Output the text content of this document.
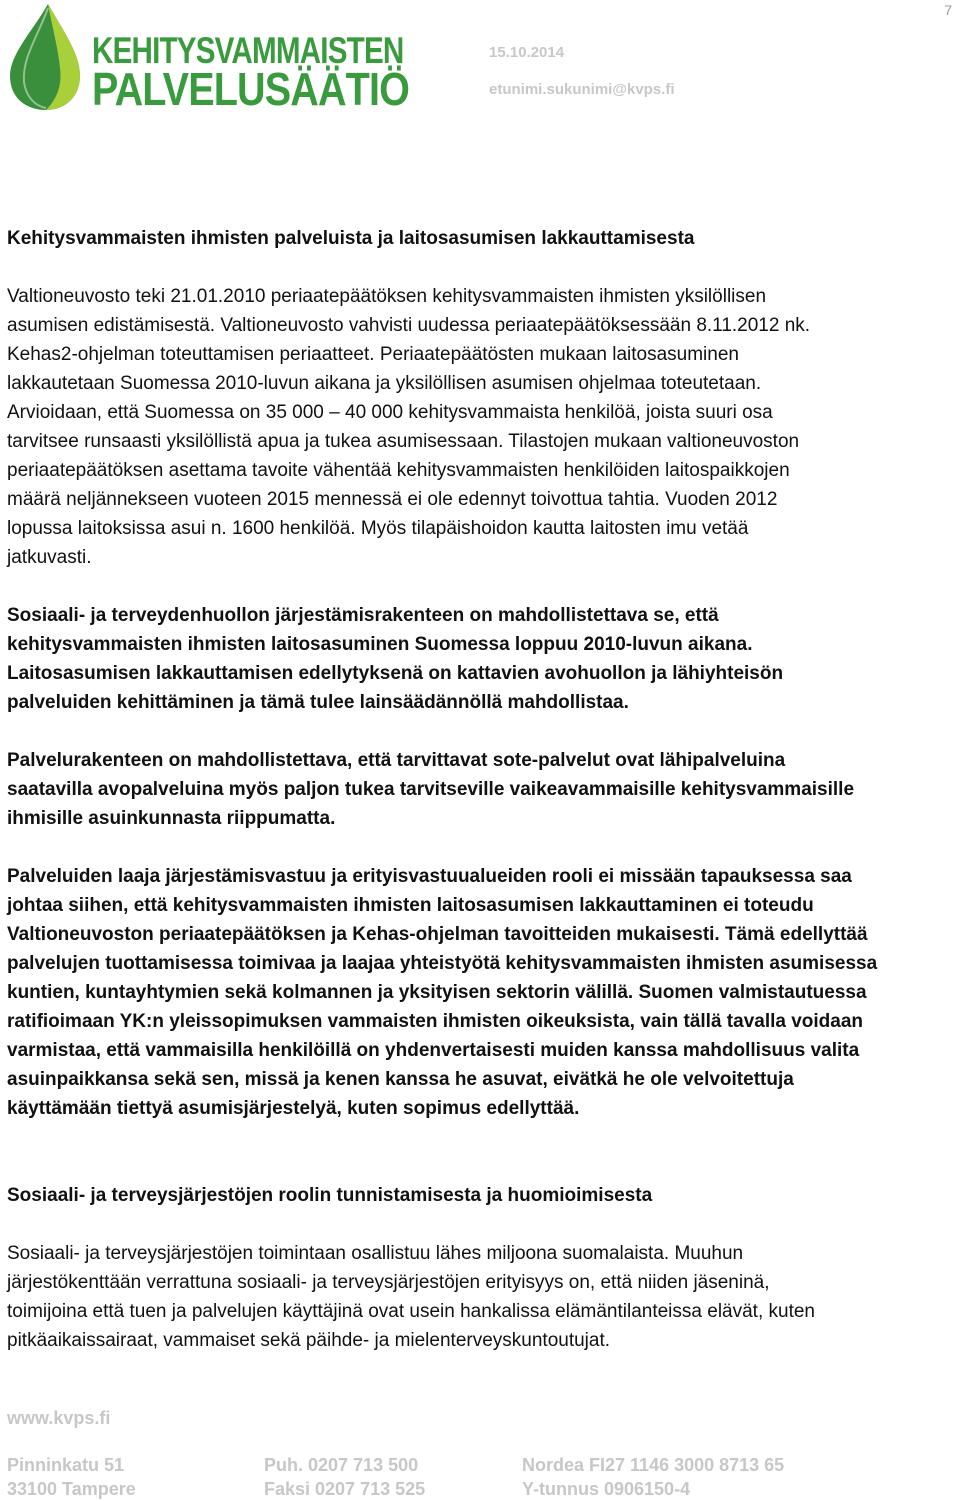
7
KEHITYSVAMMAISTEN
PALVELUSÄÄTIÖ
15.10.2014
etunimi.sukunimi@kvps.fi

Kehitysvammaisten ihmisten palveluista ja laitosasumisen lakkauttamisesta

Valtioneuvosto teki 21.01.2010 periaatepäätöksen kehitysvammaisten ihmisten yksilöllisen
asumisen edistämisestä. Valtioneuvosto vahvisti uudessa periaatepäätöksessään 8.11.2012 nk.
Kehas2-ohjelman toteuttamisen periaatteet. Periaatepäätösten mukaan laitosasuminen
lakkautetaan Suomessa 2010-luvun aikana ja yksilöllisen asumisen ohjelmaa toteutetaan.
Arvioidaan, että Suomessa on 35 000 – 40 000 kehitysvammaista henkilöä, joista suuri osa
tarvitsee runsaasti yksilöllistä apua ja tukea asumisessaan. Tilastojen mukaan valtioneuvoston
periaatepäätöksen asettama tavoite vähentää kehitysvammaisten henkilöiden laitospaikkojen
määrä neljännekseen vuoteen 2015 mennessä ei ole edennyt toivottua tahtia. Vuoden 2012
lopussa laitoksissa asui n. 1600 henkilöä. Myös tilapäishoidon kautta laitosten imu vetää
jatkuvasti.

Sosiaali- ja terveydenhuollon järjestämisrakenteen on mahdollistettava se, että
kehitysvammaisten ihmisten laitosasuminen Suomessa loppuu 2010-luvun aikana.
Laitosasumisen lakkauttamisen edellytyksenä on kattavien avohuollon ja lähiyhteisön
palveluiden kehittäminen ja tämä tulee lainsäädännöllä mahdollistaa.

Palvelurakenteen on mahdollistettava, että tarvittavat sote-palvelut ovat lähipalveluina
saatavilla avopalveluina myös paljon tukea tarvitseville vaikeavammaisille kehitysvammaisille
ihmisille asuinkunnasta riippumatta.

Palveluiden laaja järjestämisvastuu ja erityisvastuualueiden rooli ei missään tapauksessa saa
johtaa siihen, että kehitysvammaisten ihmisten laitosasumisen lakkauttaminen ei toteudu
Valtioneuvoston periaatepäätöksen ja Kehas-ohjelman tavoitteiden mukaisesti. Tämä edellyttää
palvelujen tuottamisessa toimivaa ja laajaa yhteistyötä kehitysvammaisten ihmisten asumisessa
kuntien, kuntayhtymien sekä kolmannen ja yksityisen sektorin välillä. Suomen valmistautuessa
ratifioimaan YK:n yleissopimuksen vammaisten ihmisten oikeuksista, vain tällä tavalla voidaan
varmistaa, että vammaisilla henkilöillä on yhdenvertaisesti muiden kanssa mahdollisuus valita
asuinpaikkansa sekä sen, missä ja kenen kanssa he asuvat, eivätkä he ole velvoitettuja
käyttämään tiettyä asumisjärjestelyä, kuten sopimus edellyttää.

Sosiaali- ja terveysjärjestöjen roolin tunnistamisesta ja huomioimisesta

Sosiaali- ja terveysjärjestöjen toimintaan osallistuu lähes miljoona suomalaista. Muuhun
järjestökenttään verrattuna sosiaali- ja terveysjärjestöjen erityisyys on, että niiden jäseninä,
toimijoina että tuen ja palvelujen käyttäjinä ovat usein hankalissa elämäntilanteissa elävät, kuten
pitkäaikaissairaat, vammaiset sekä päihde- ja mielenterveyskuntoutujat.

www.kvps.fi
Pinninkatu 51
33100 Tampere
Puh. 0207 713 500
Faksi 0207 713 525
Nordea FI27 1146 3000 8713 65
Y-tunnus 0906150-4
